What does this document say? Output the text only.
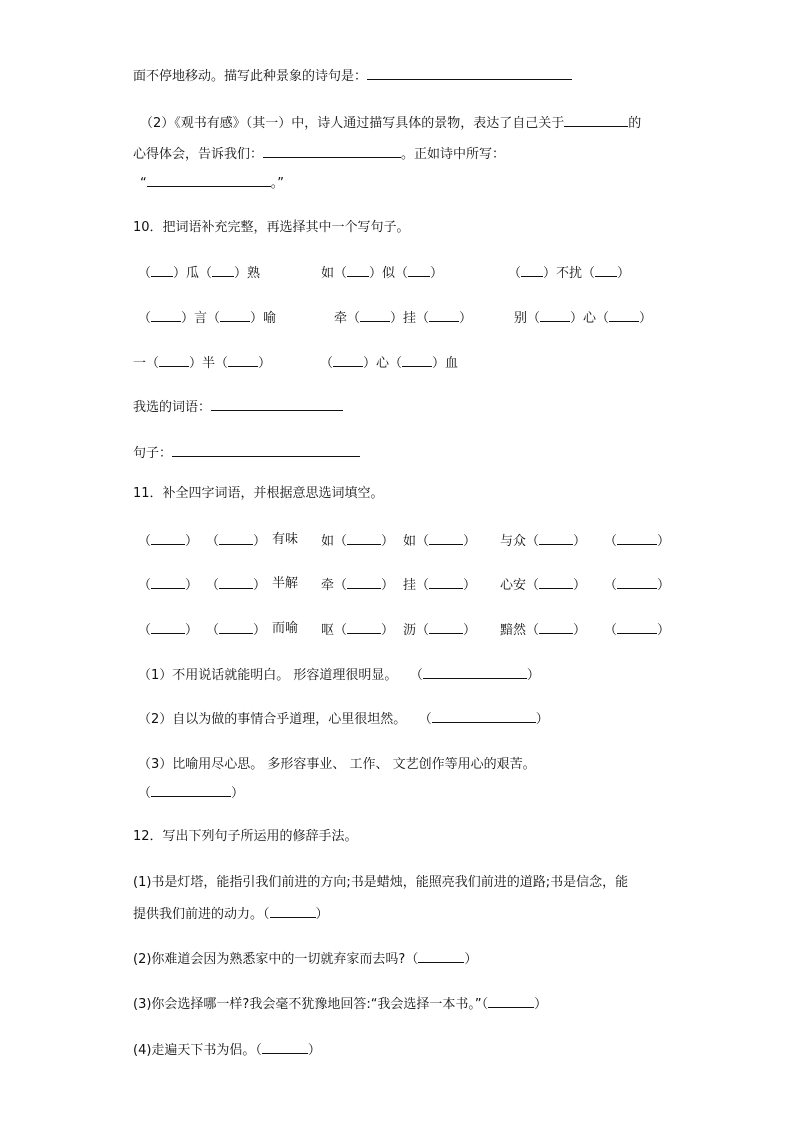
面不停地移动。描写此种景象的诗句是：
（2）《观书有感》（其一）中，诗人通过描写具体的景物，表达了自己关于	的
心得体会，告诉我们：	。正如诗中所写：
“	。”
10．把词语补充完整，再选择其中一个写句子。
（ ）瓜（ ）熟	如（ ）似（ ）	（ ）不扰（ ）
（ ）言（ ）喻	牵（ ）挂（ ）	别（ ）心（ ）
一（ ）半（ ）	（ ）心（ ）血
我选的词语：
句子：
11．补全四字词语，并根据意思选词填空。
（	） （	） 有味 如（	） 如（	） 与众（	） （	）
（	） （	） 半解 牵（	） 挂（	） 心安（	） （	）
（	） （	） 而喻 呕（	） 沥（	） 黯然（	） （	）
（1）不用说话就能明白。 形容道理很明显。 （	）
（2）自以为做的事情合乎道理，心里很坦然。 （	）
（3）比喻用尽心思。 多形容事业、 工作、 文艺创作等用心的艰苦。
（	）
12．写出下列句子所运用的修辞手法。
(1)书是灯塔，能指引我们前进的方向;书是蜡烛，能照亮我们前进的道路;书是信念，能
提供我们前进的动力。（	）
(2)你难道会因为熟悉家中的一切就弃家而去吗?（	）
(3)你会选择哪一样?我会毫不犹豫地回答:“我会选择一本书。”（	）
(4)走遍天下书为侣。（	）
